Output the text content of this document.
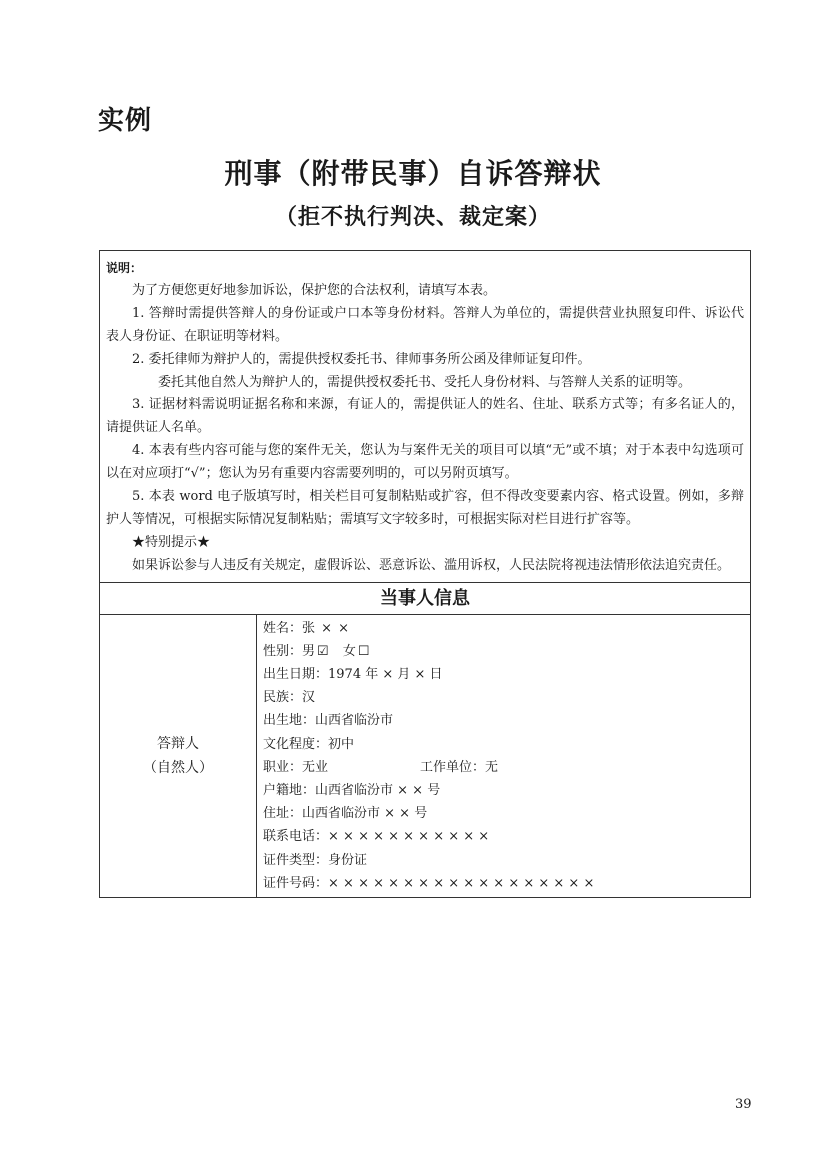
实例
刑事（附带民事）自诉答辩状
（拒不执行判决、裁定案）
说明：

为了方便您更好地参加诉讼，保护您的合法权利，请填写本表。

1. 答辩时需提供答辩人的身份证或户口本等身份材料。答辩人为单位的，需提供营业执照复印件、诉讼代表人身份证、在职证明等材料。

2. 委托律师为辩护人的，需提供授权委托书、律师事务所公函及律师证复印件。

委托其他自然人为辩护人的，需提供授权委托书、受托人身份材料、与答辩人关系的证明等。

3. 证据材料需说明证据名称和来源，有证人的，需提供证人的姓名、住址、联系方式等；有多名证人的，请提供证人名单。

4. 本表有些内容可能与您的案件无关，您认为与案件无关的项目可以填“无”或不填；对于本表中勾选项可以在对应项打“√”；您认为另有重要内容需要列明的，可以另附页填写。

5. 本表 word 电子版填写时，相关栏目可复制粘贴或扩容，但不得改变要素内容、格式设置。例如，多辩护人等情况，可根据实际情况复制粘贴；需填写文字较多时，可根据实际对栏目进行扩容等。

★特别提示★

如果诉讼参与人违反有关规定，虚假诉讼、恶意诉讼、滥用诉权，人民法院将视违法情形依法追究责任。

当事人信息
答辩人
（自然人）
姓名：张 × ×
性别：男 ☑ 女 ☐
出生日期：1974 年 × 月 × 日
民族：汉
出生地：山西省临汾市
文化程度：初中
职业：无业	工作单位：无
户籍地：山西省临汾市 × × 号
住址：山西省临汾市 × × 号
联系电话：× × × × × × × × × × ×
证件类型：身份证
证件号码：× × × × × × × × × × × × × × × × × ×
39
